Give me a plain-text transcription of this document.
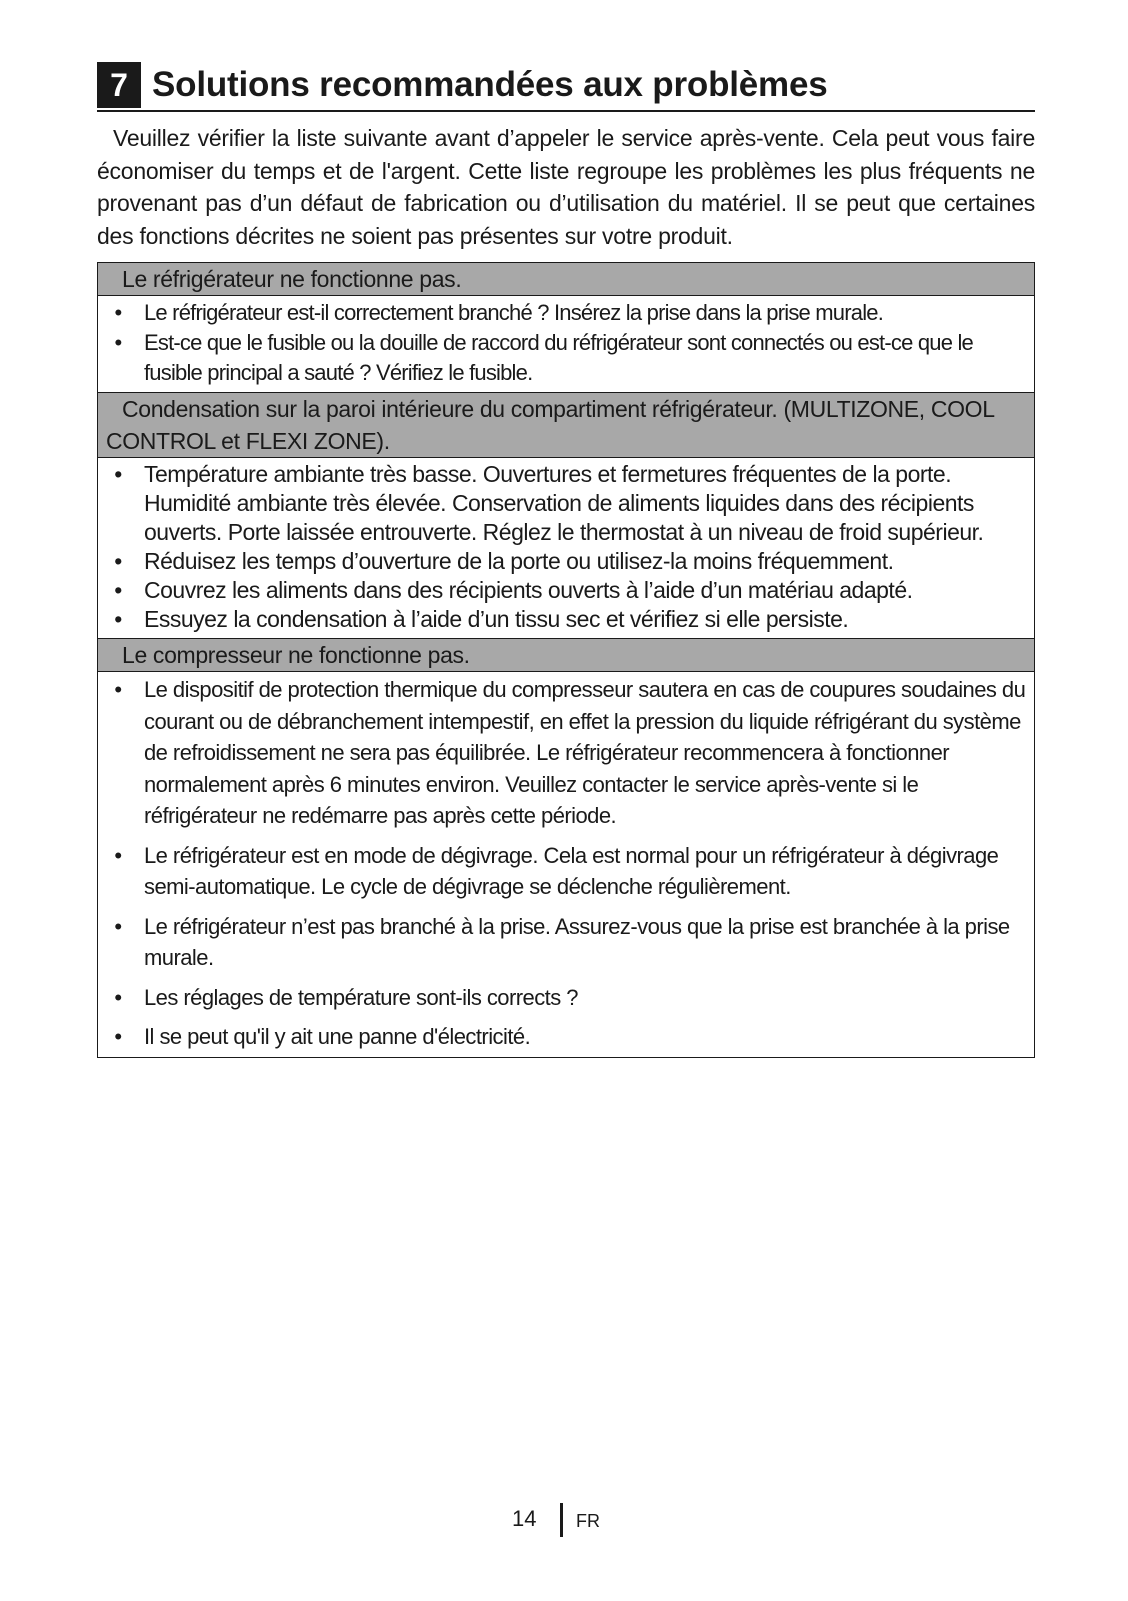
7 Solutions recommandées aux problèmes

Veuillez vérifier la liste suivante avant d’appeler le service après-vente. Cela peut vous faire économiser du temps et de l'argent. Cette liste regroupe les problèmes les plus fréquents ne provenant pas d’un défaut de fabrication ou d’utilisation du matériel. Il se peut que certaines des fonctions décrites ne soient pas présentes sur votre produit.

Le réfrigérateur ne fonctionne pas.
• Le réfrigérateur est-il correctement branché ? Insérez la prise dans la prise murale.
• Est-ce que le fusible ou la douille de raccord du réfrigérateur sont connectés ou est-ce que le fusible principal a sauté ? Vérifiez le fusible.
Condensation sur la paroi intérieure du compartiment réfrigérateur. (MULTIZONE, COOL CONTROL et FLEXI ZONE).
• Température ambiante très basse. Ouvertures et fermetures fréquentes de la porte. Humidité ambiante très élevée. Conservation de aliments liquides dans des récipients ouverts. Porte laissée entrouverte. Réglez le thermostat à un niveau de froid supérieur.
• Réduisez les temps d’ouverture de la porte ou utilisez-la moins fréquemment.
• Couvrez les aliments dans des récipients ouverts à l’aide d’un matériau adapté.
• Essuyez la condensation à l’aide d’un tissu sec et vérifiez si elle persiste.
Le compresseur ne fonctionne pas.
• Le dispositif de protection thermique du compresseur sautera en cas de coupures soudaines du courant ou de débranchement intempestif, en effet la pression du liquide réfrigérant du système de refroidissement ne sera pas équilibrée. Le réfrigérateur recommencera à fonctionner normalement après 6 minutes environ. Veuillez contacter le service après-vente si le réfrigérateur ne redémarre pas après cette période.
• Le réfrigérateur est en mode de dégivrage. Cela est normal pour un réfrigérateur à dégivrage semi-automatique. Le cycle de dégivrage se déclenche régulièrement.
• Le réfrigérateur n’est pas branché à la prise. Assurez-vous que la prise est branchée à la prise murale.
• Les réglages de température sont-ils corrects ?
• Il se peut qu'il y ait une panne d'électricité.
14 FR
